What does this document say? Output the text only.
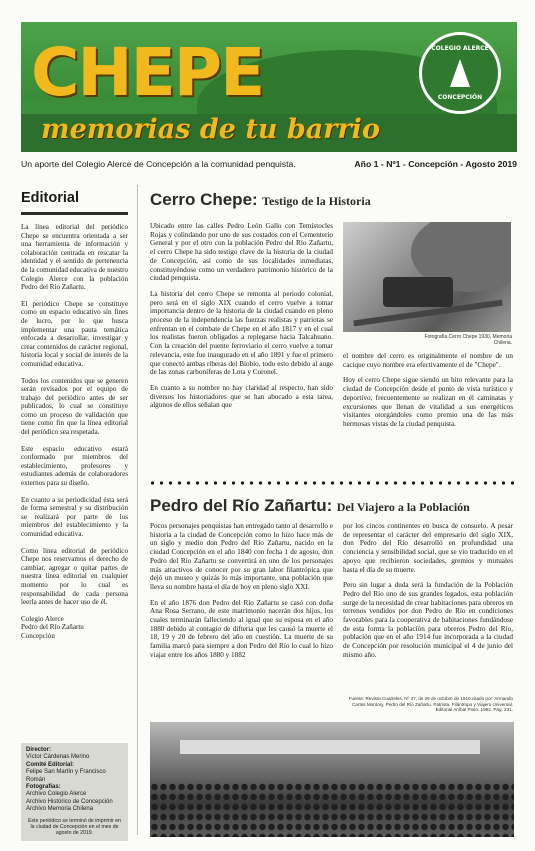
CHEPE
memorias de tu barrio
COLEGIO ALERCE
CONCEPCIÓN
Un aporte del Colegio Alerce de Concepción a la comunidad penquista.	Año 1 - Nº1 - Concepción - Agosto 2019
Editorial

La línea editorial del periódico Chepe se encuentra orientada a ser una herramienta de información y colaboración centrada en rescatar la identidad y el sentido de pertenencia de la comunidad educativa de nuestro Colegio Alerce con la población Pedro del Río Zañartu.

El periódico Chepe se constituye como un espacio educativo sin fines de lucro, por lo que busca implementar una pauta temática enfocada a desarrollar, investigar y crear contenidos de carácter regional, historia local y social de interés de la comunidad educativa.

Todos los contenidos que se generen serán revisados por el equipo de trabajo del periódico antes de ser publicados, lo cual se constituye como un proceso de validación que tiene como fin que la línea editorial del periódico sea respetada.

Este espacio educativo estará conformado por miembros del establecimiento, profesores y estudiantes además de colaboradores externos para su diseño.

En cuanto a su periodicidad ésta será de forma semestral y su distribución se realizará por parte de los miembros del establecimiento y la comunidad educativa.

Como línea editorial de periódico Chepe nos reservamos el derecho de cambiar, agregar o quitar partes de nuestra línea editorial en cualquier momento por lo cual es responsabilidad de cada persona leerla antes de hacer uso de él.

Colegio Alerce
Pedro del Río Zañartu
Concepción

Director:
Víctor Cárdenas Merino
Comité Editorial:
Felipe San Martín y Francisco Román
Fotografías:
Archivo Colegio Alerce
Archivo Histórico de Concepción
Archivo Memoria Chilena
Este periódico se terminó de imprimir en la ciudad de Concepción en el mes de agosto de 2019.
Cerro Chepe: Testigo de la Historia

Ubicado entre las calles Pedro León Gallo con Temístocles Rojas y colindando por uno de sus costados con el Cementerio General y por el otro con la población Pedro del Río Zañartu, el cerro Chepe ha sido testigo clave de la historia de la ciudad de Concepción, así como de sus localidades inmediatas, constituyéndose como un verdadero patrimonio histórico de la ciudad penquista.

La historia del cerro Chepe se remonta al periodo colonial, pero será en el siglo XIX cuando el cerro vuelve a tomar importancia dentro de la historia de la ciudad cuando en pleno proceso de la independencia las fuerzas realistas y patriotas se enfrentan en el combate de Chepe en el año 1817 y en el cual los realistas fueron obligados a replegarse hacia Talcahuano. Con la creación del puente ferroviario el cerro vuelve a tomar relevancia, este fue inaugurado en el año 1891 y fue el primero que conectó ambas riberas del Biobío, todo esto debido al auge de las zonas carboníferas de Lota y Coronel.

En cuanto a su nombre no hay claridad al respecto, han sido diversos los historiadores que se han abocado a esta tarea, algunos de ellos señalan que

Fotografía Cerro Chepe 1930, Memoria Chilena.

el nombre del cerro es originalmente el nombre de un cacique cuyo nombre era efectivamente el de "Chepe".

Hoy el cerro Chepe sigue siendo un hito relevante para la ciudad de Concepción desde el punto de vista turístico y deportivo, frecuentemente se realizan en él caminatas y excursiones que llenan de vitalidad a sus energéticos visitantes otorgándoles como premio una de las más hermosas vistas de la ciudad penquista.

Pedro del Río Zañartu: Del Viajero a la Población

Pocos personajes penquistas han entregado tanto al desarrollo e historia a la ciudad de Concepción como lo hizo hace más de un siglo y medio don Pedro del Río Zañartu, nacido en la ciudad Concepción en el año 1840 con fecha 1 de agosto, don Pedro del Río Zañartu se convertirá en uno de los personajes más atractivos de conocer por su gran labor filantrópica que dejó un museo y quizás lo más importante, una población que lleva su nombre hasta el día de hoy en pleno siglo XXI.

En el año 1876 don Pedro del Río Zañartu se casó con doña Ana Rosa Serrano, de este matrimonio nacerán dos hijos, los cuales terminarán falleciendo al igual que su esposa en el año 1880 debido al contagio de difteria que les causó la muerte el 18, 19 y 20 de febrero del año en cuestión. La muerte de su familia marcó para siempre a don Pedro del Río lo cual lo hizo viajar entre los años 1880 y 1882

por los cincos continentes en busca de consuelo. A pesar de representar el carácter del empresario del siglo XIX, don Pedro del Río desarrolló en profundidad una conciencia y sensibilidad social, que se vio traducido en el apoyo que recibieron sociedades, gremios y mutuales hasta el día de su muerte.

Pero sin lugar a duda será la fundación de la Población Pedro del Río uno de sus grandes legados, esta población surge de la necesidad de crear habitaciones para obreros en terrenos vendidos por don Pedro de Río en condiciones favorables para la cooperativa de habitaciones fundándose de esta forma la población para obreros Pedro del Río, población que en el año 1914 fue incorporada a la ciudad de Concepción por resolución municipal el 4 de junio del mismo año.

Fuente: Revista Cuarteles, Nº 27, de 29 de octubre de 1910 citado por: Armando Cartes Montory. Pedro del Río Zañartu. Patriota, Filántropo y Viajero Universal. Editorial Aníbal Pinto. 1992. Pág. 231.
